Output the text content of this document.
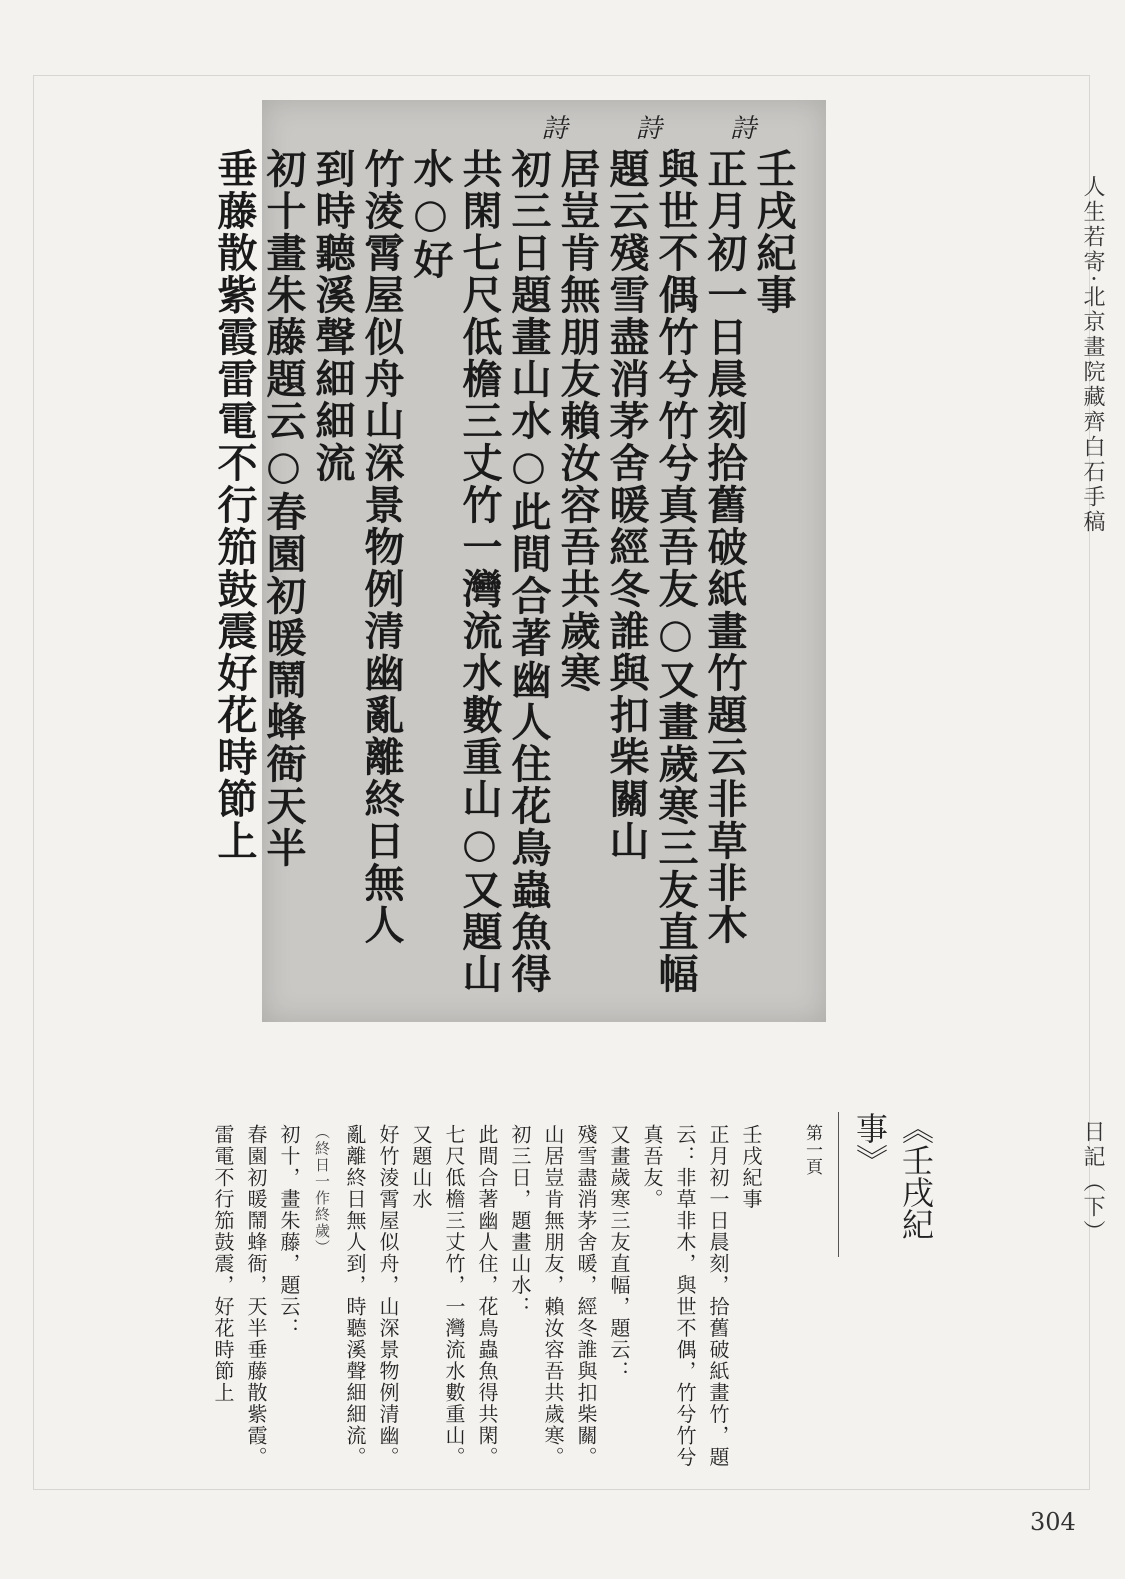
詩 詩 詩
壬戌紀事
正月初一日晨刻拾舊破紙畫竹題云非草非木
與世不偶竹兮竹兮真吾友○又畫歲寒三友直幅
題云殘雪盡消茅舍暖經冬誰與扣柴關山
居豈肯無朋友賴汝容吾共歲寒
初三日題畫山水○此間合著幽人住花鳥蟲魚得
共閑七尺低檐三丈竹一灣流水數重山○又題山水○好
竹淩霄屋似舟山深景物例清幽亂離終日無人
到時聽溪聲細細流
初十畫朱藤題云○春園初暖鬧蜂衙天半
垂藤散紫霞雷電不行笳鼓震好花時節上	人生若寄·北京畫院藏齊白石手稿
日記（下）
《壬戌紀事》
第一頁
壬戌紀事
正月初一日晨刻，拾舊破紙畫竹，題
云：非草非木，與世不偶，竹兮竹兮
真吾友。
又畫歲寒三友直幅，題云：
殘雪盡消茅舍暖，經冬誰與扣柴關。
山居豈肯無朋友，賴汝容吾共歲寒。
初三日，題畫山水：
此間合著幽人住，花鳥蟲魚得共閑。
七尺低檐三丈竹，一灣流水數重山。
又題山水
好竹淩霄屋似舟，山深景物例清幽。
亂離終日無人到，時聽溪聲細細流。
（終日一作終歲）
初十，畫朱藤，題云：
春園初暖鬧蜂衙，天半垂藤散紫霞。
雷電不行笳鼓震，好花時節上
304
